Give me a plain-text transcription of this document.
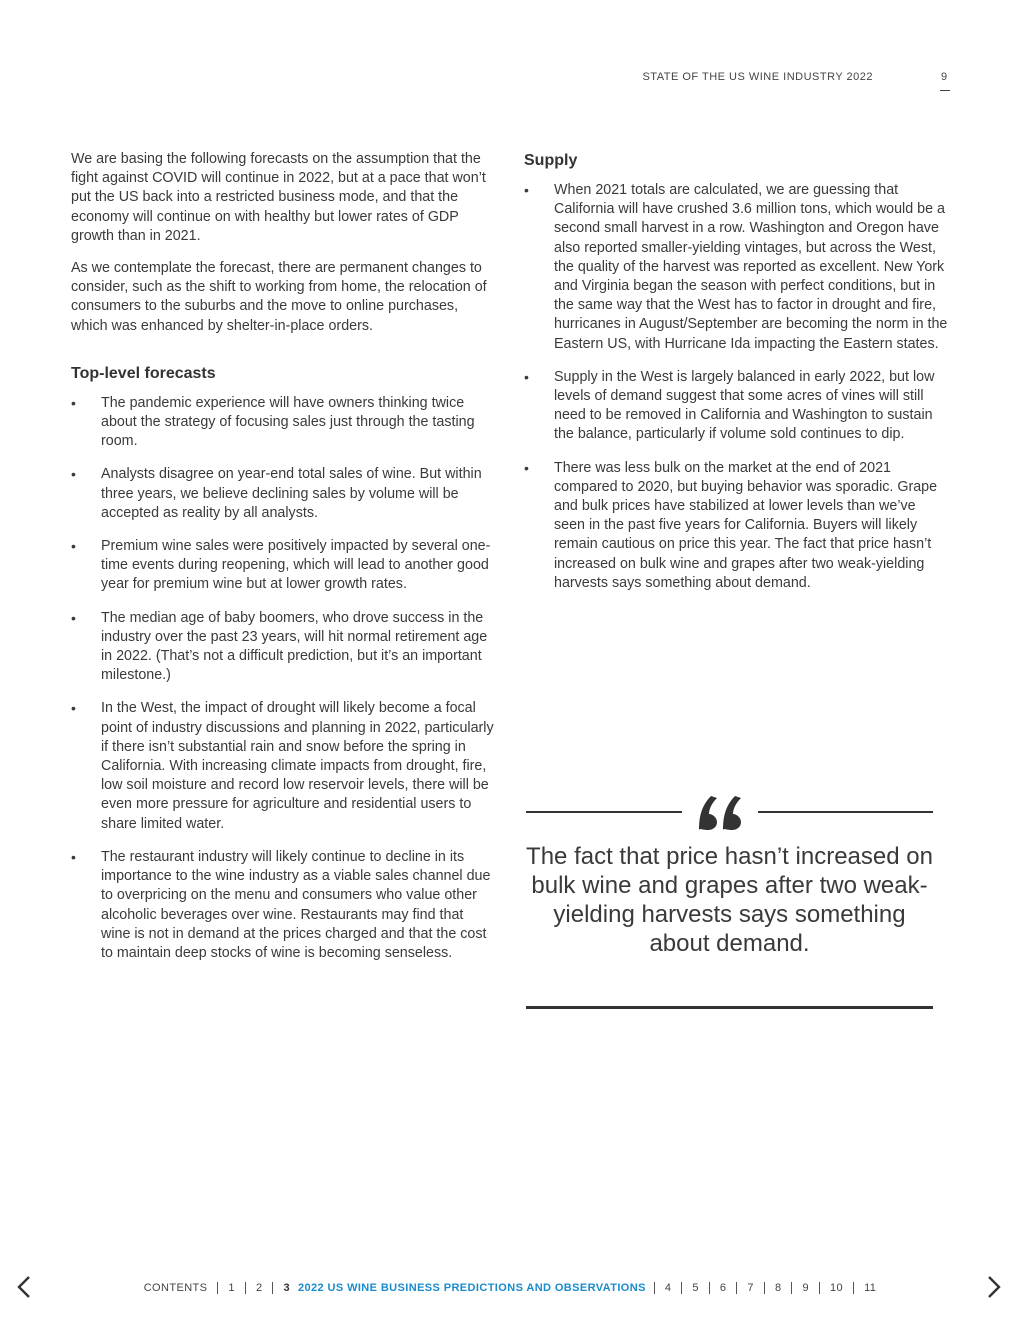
STATE OF THE US WINE INDUSTRY 2022	9

We are basing the following forecasts on the assumption that the fight against COVID will continue in 2022, but at a pace that won’t put the US back into a restricted business mode, and that the economy will continue on with healthy but lower rates of GDP growth than in 2021.

As we contemplate the forecast, there are permanent changes to consider, such as the shift to working from home, the relocation of consumers to the suburbs and the move to online purchases, which was enhanced by shelter-in-place orders.

Top-level forecasts
•	The pandemic experience will have owners thinking twice about the strategy of focusing sales just through the tasting room.
•	Analysts disagree on year-end total sales of wine. But within three years, we believe declining sales by volume will be accepted as reality by all analysts.
•	Premium wine sales were positively impacted by several one-time events during reopening, which will lead to another good year for premium wine but at lower growth rates.
•	The median age of baby boomers, who drove success in the industry over the past 23 years, will hit normal retirement age in 2022. (That’s not a difficult prediction, but it’s an important milestone.)
•	In the West, the impact of drought will likely become a focal point of industry discussions and planning in 2022, particularly if there isn’t substantial rain and snow before the spring in California. With increasing climate impacts from drought, fire, low soil moisture and record low reservoir levels, there will be even more pressure for agriculture and residential users to share limited water.
•	The restaurant industry will likely continue to decline in its importance to the wine industry as a viable sales channel due to overpricing on the menu and consumers who value other alcoholic beverages over wine. Restaurants may find that wine is not in demand at the prices charged and that the cost to maintain deep stocks of wine is becoming senseless.
Supply
•	When 2021 totals are calculated, we are guessing that California will have crushed 3.6 million tons, which would be a second small harvest in a row. Washington and Oregon have also reported smaller-yielding vintages, but across the West, the quality of the harvest was reported as excellent. New York and Virginia began the season with perfect conditions, but in the same way that the West has to factor in drought and fire, hurricanes in August/September are becoming the norm in the Eastern US, with Hurricane Ida impacting the Eastern states.
•	Supply in the West is largely balanced in early 2022, but low levels of demand suggest that some acres of vines will still need to be removed in California and Washington to sustain the balance, particularly if volume sold continues to dip.
•	There was less bulk on the market at the end of 2021 compared to 2020, but buying behavior was sporadic. Grape and bulk prices have stabilized at lower levels than we’ve seen in the past five years for California. Buyers will likely remain cautious on price this year. The fact that price hasn’t increased on bulk wine and grapes after two weak-yielding harvests says something about demand.
The fact that price hasn’t increased on bulk wine and grapes after two weak-yielding harvests says something about demand.
CONTENTS 1 2 3 2022 US WINE BUSINESS PREDICTIONS AND OBSERVATIONS 4 5 6 7 8 9 10 11
